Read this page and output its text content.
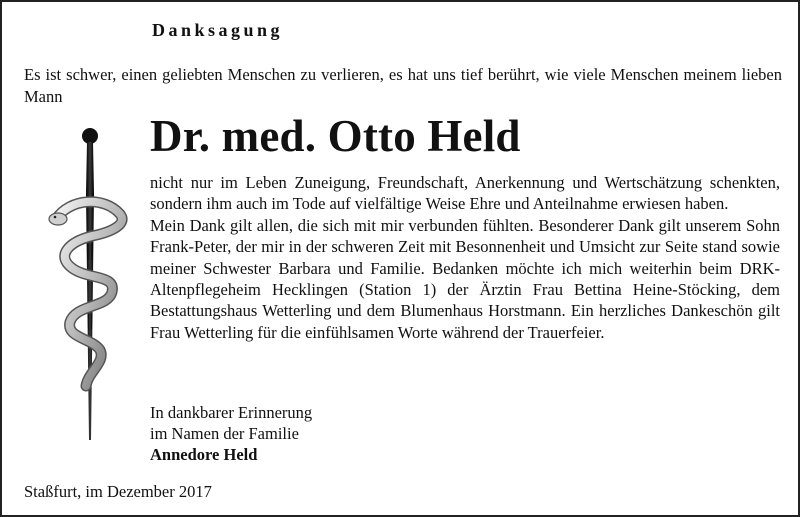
Danksagung
Es ist schwer, einen geliebten Menschen zu verlieren, es hat uns tief berührt, wie viele Menschen meinem lieben Mann
Dr. med. Otto Held

nicht nur im Leben Zuneigung, Freundschaft, Anerkennung und Wertschätzung schenkten, sondern ihm auch im Tode auf vielfältige Weise Ehre und Anteilnahme erwiesen haben.

Mein Dank gilt allen, die sich mit mir verbunden fühlten. Besonderer Dank gilt unserem Sohn Frank-Peter, der mir in der schweren Zeit mit Besonnenheit und Umsicht zur Seite stand sowie meiner Schwester Barbara und Familie. Bedanken möchte ich mich weiterhin beim DRK-Altenpflegeheim Hecklingen (Station 1) der Ärztin Frau Bettina Heine-Stöcking, dem Bestattungshaus Wetterling und dem Blumenhaus Horstmann. Ein herzliches Dankeschön gilt Frau Wetterling für die einfühlsamen Worte während der Trauerfeier.

In dankbarer Erinnerung
im Namen der Familie
Annedore Held
Staßfurt, im Dezember 2017
